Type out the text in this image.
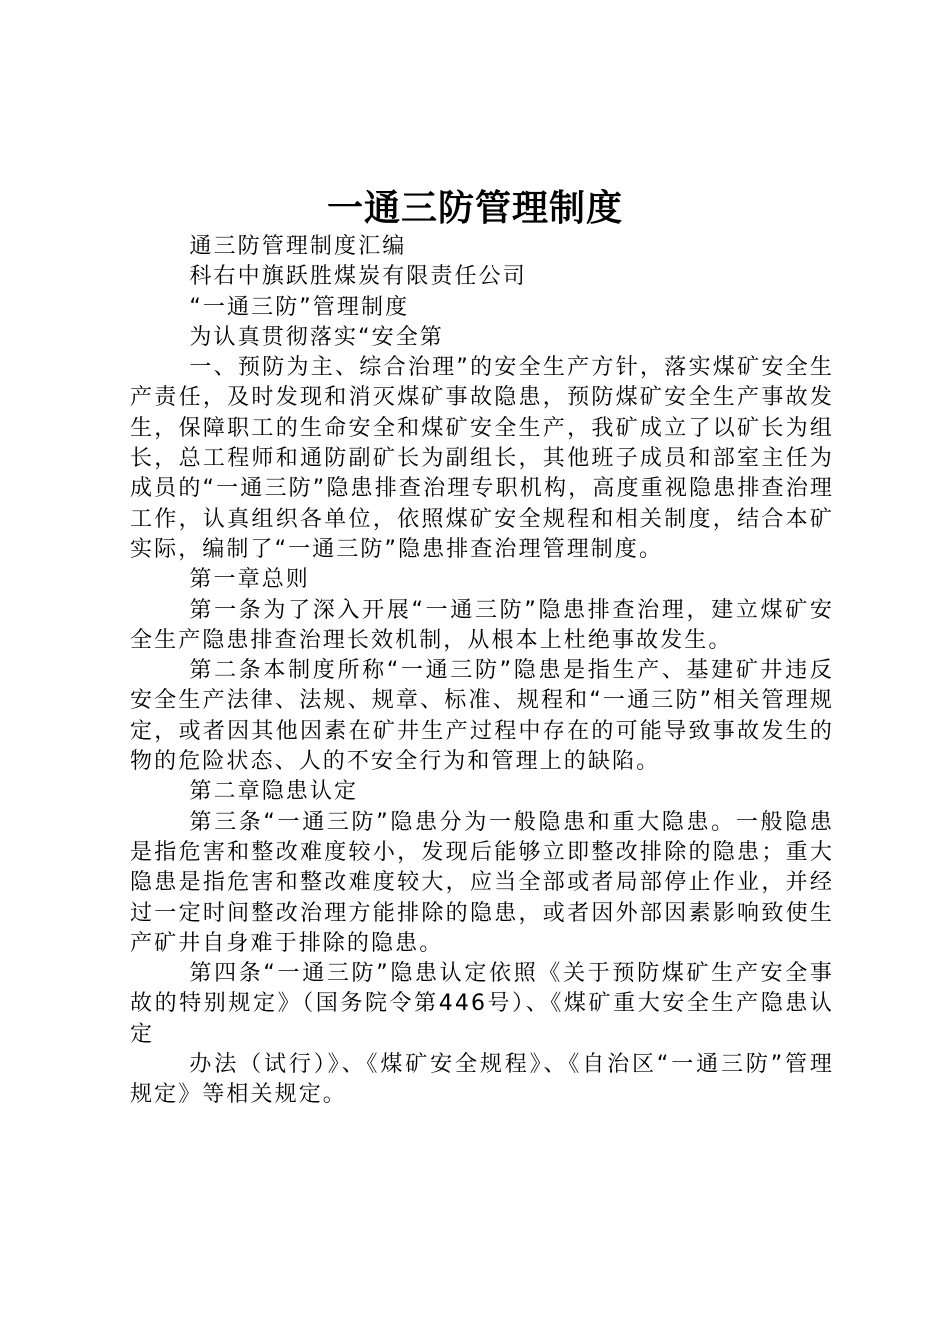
一通三防管理制度

通三防管理制度汇编

科右中旗跃胜煤炭有限责任公司

“一通三防”管理制度

为认真贯彻落实“安全第

一、预防为主、综合治理”的安全生产方针，落实煤矿安全生产责任，及时发现和消灭煤矿事故隐患，预防煤矿安全生产事故发生，保障职工的生命安全和煤矿安全生产，我矿成立了以矿长为组长，总工程师和通防副矿长为副组长，其他班子成员和部室主任为成员的“一通三防”隐患排查治理专职机构，高度重视隐患排查治理工作，认真组织各单位，依照煤矿安全规程和相关制度，结合本矿实际，编制了“一通三防”隐患排查治理管理制度。

第一章总则

第一条为了深入开展“一通三防”隐患排查治理，建立煤矿安全生产隐患排查治理长效机制，从根本上杜绝事故发生。

第二条本制度所称“一通三防”隐患是指生产、基建矿井违反安全生产法律、法规、规章、标准、规程和“一通三防”相关管理规定，或者因其他因素在矿井生产过程中存在的可能导致事故发生的物的危险状态、人的不安全行为和管理上的缺陷。

第二章隐患认定

第三条“一通三防”隐患分为一般隐患和重大隐患。一般隐患是指危害和整改难度较小，发现后能够立即整改排除的隐患；重大隐患是指危害和整改难度较大，应当全部或者局部停止作业，并经过一定时间整改治理方能排除的隐患，或者因外部因素影响致使生产矿井自身难于排除的隐患。

第四条“一通三防”隐患认定依照《关于预防煤矿生产安全事故的特别规定》（国务院令第446号）、《煤矿重大安全生产隐患认定

办法（试行）》、《煤矿安全规程》、《自治区“一通三防”管理规定》等相关规定。
